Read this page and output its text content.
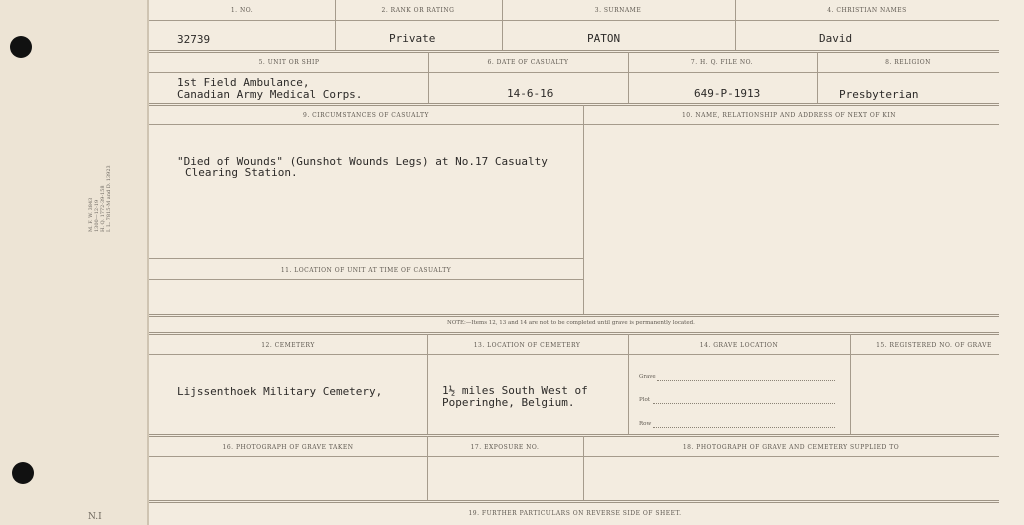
M. F. W. 3843
1300—12-19
H. Q. 1772-39-158
I. L. 7815-M and D. 13923
N.I
1. NO.	2. RANK OR RATING	3. SURNAME	4. CHRISTIAN NAMES
32739	Private	PATON	David
5. UNIT OR SHIP	6. DATE OF CASUALTY	7. H. Q. FILE NO.	8. RELIGION
1st Field Ambulance,
Canadian Army Medical Corps.	14-6-16	649-P-1913	Presbyterian
9. CIRCUMSTANCES OF CASUALTY	10. NAME, RELATIONSHIP AND ADDRESS OF NEXT OF KIN
"Died of Wounds" (Gunshot Wounds Legs) at No.17 Casualty
Clearing Station.
11. LOCATION OF UNIT AT TIME OF CASUALTY
NOTE:—Items 12, 13 and 14 are not to be completed until grave is permanently located.
12. CEMETERY	13. LOCATION OF CEMETERY	14. GRAVE LOCATION	15. REGISTERED NO. OF GRAVE
Lijssenthoek Military Cemetery,	1½ miles South West of
Poperinghe, Belgium.
Grave
Plot
Row
16. PHOTOGRAPH OF GRAVE TAKEN	17. EXPOSURE NO.	18. PHOTOGRAPH OF GRAVE AND CEMETERY SUPPLIED TO
19. FURTHER PARTICULARS ON REVERSE SIDE OF SHEET.
